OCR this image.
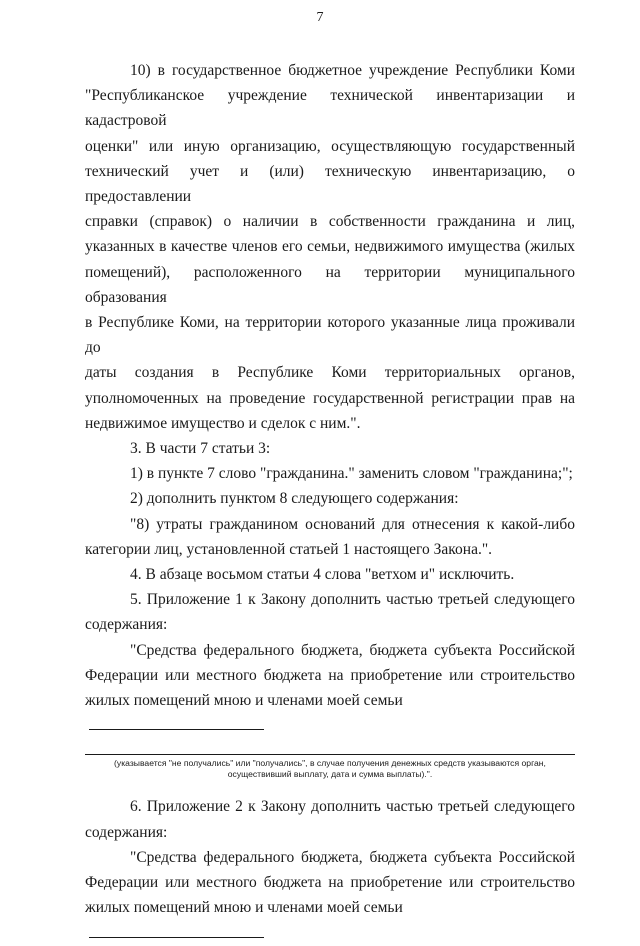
7

10) в государственное бюджетное учреждение Республики Коми

"Республиканское учреждение технической инвентаризации и кадастровой

оценки" или иную организацию, осуществляющую государственный

технический учет и (или) техническую инвентаризацию, о предоставлении

справки (справок) о наличии в собственности гражданина и лиц,

указанных в качестве членов его семьи, недвижимого имущества (жилых

помещений), расположенного на территории муниципального образования

в Республике Коми, на территории которого указанные лица проживали до

даты создания в Республике Коми территориальных органов,

уполномоченных на проведение государственной регистрации прав на

недвижимое имущество и сделок с ним.".

3. В части 7 статьи 3:

1) в пункте 7 слово "гражданина." заменить словом "гражданина;";

2) дополнить пунктом 8 следующего содержания:

"8) утраты гражданином оснований для отнесения к какой-либо

категории лиц, установленной статьей 1 настоящего Закона.".

4. В абзаце восьмом статьи 4 слова "ветхом и" исключить.

5. Приложение 1 к Закону дополнить частью третьей следующего

содержания:

"Средства федерального бюджета, бюджета субъекта Российской

Федерации или местного бюджета на приобретение или строительство

жилых помещений мною и членами моей семьи

(указывается "не получались" или "получались", в случае получения денежных средств указываются орган,
осуществивший выплату, дата и сумма выплаты).".

6. Приложение 2 к Закону дополнить частью третьей следующего

содержания:

"Средства федерального бюджета, бюджета субъекта Российской

Федерации или местного бюджета на приобретение или строительство

жилых помещений мною и членами моей семьи
